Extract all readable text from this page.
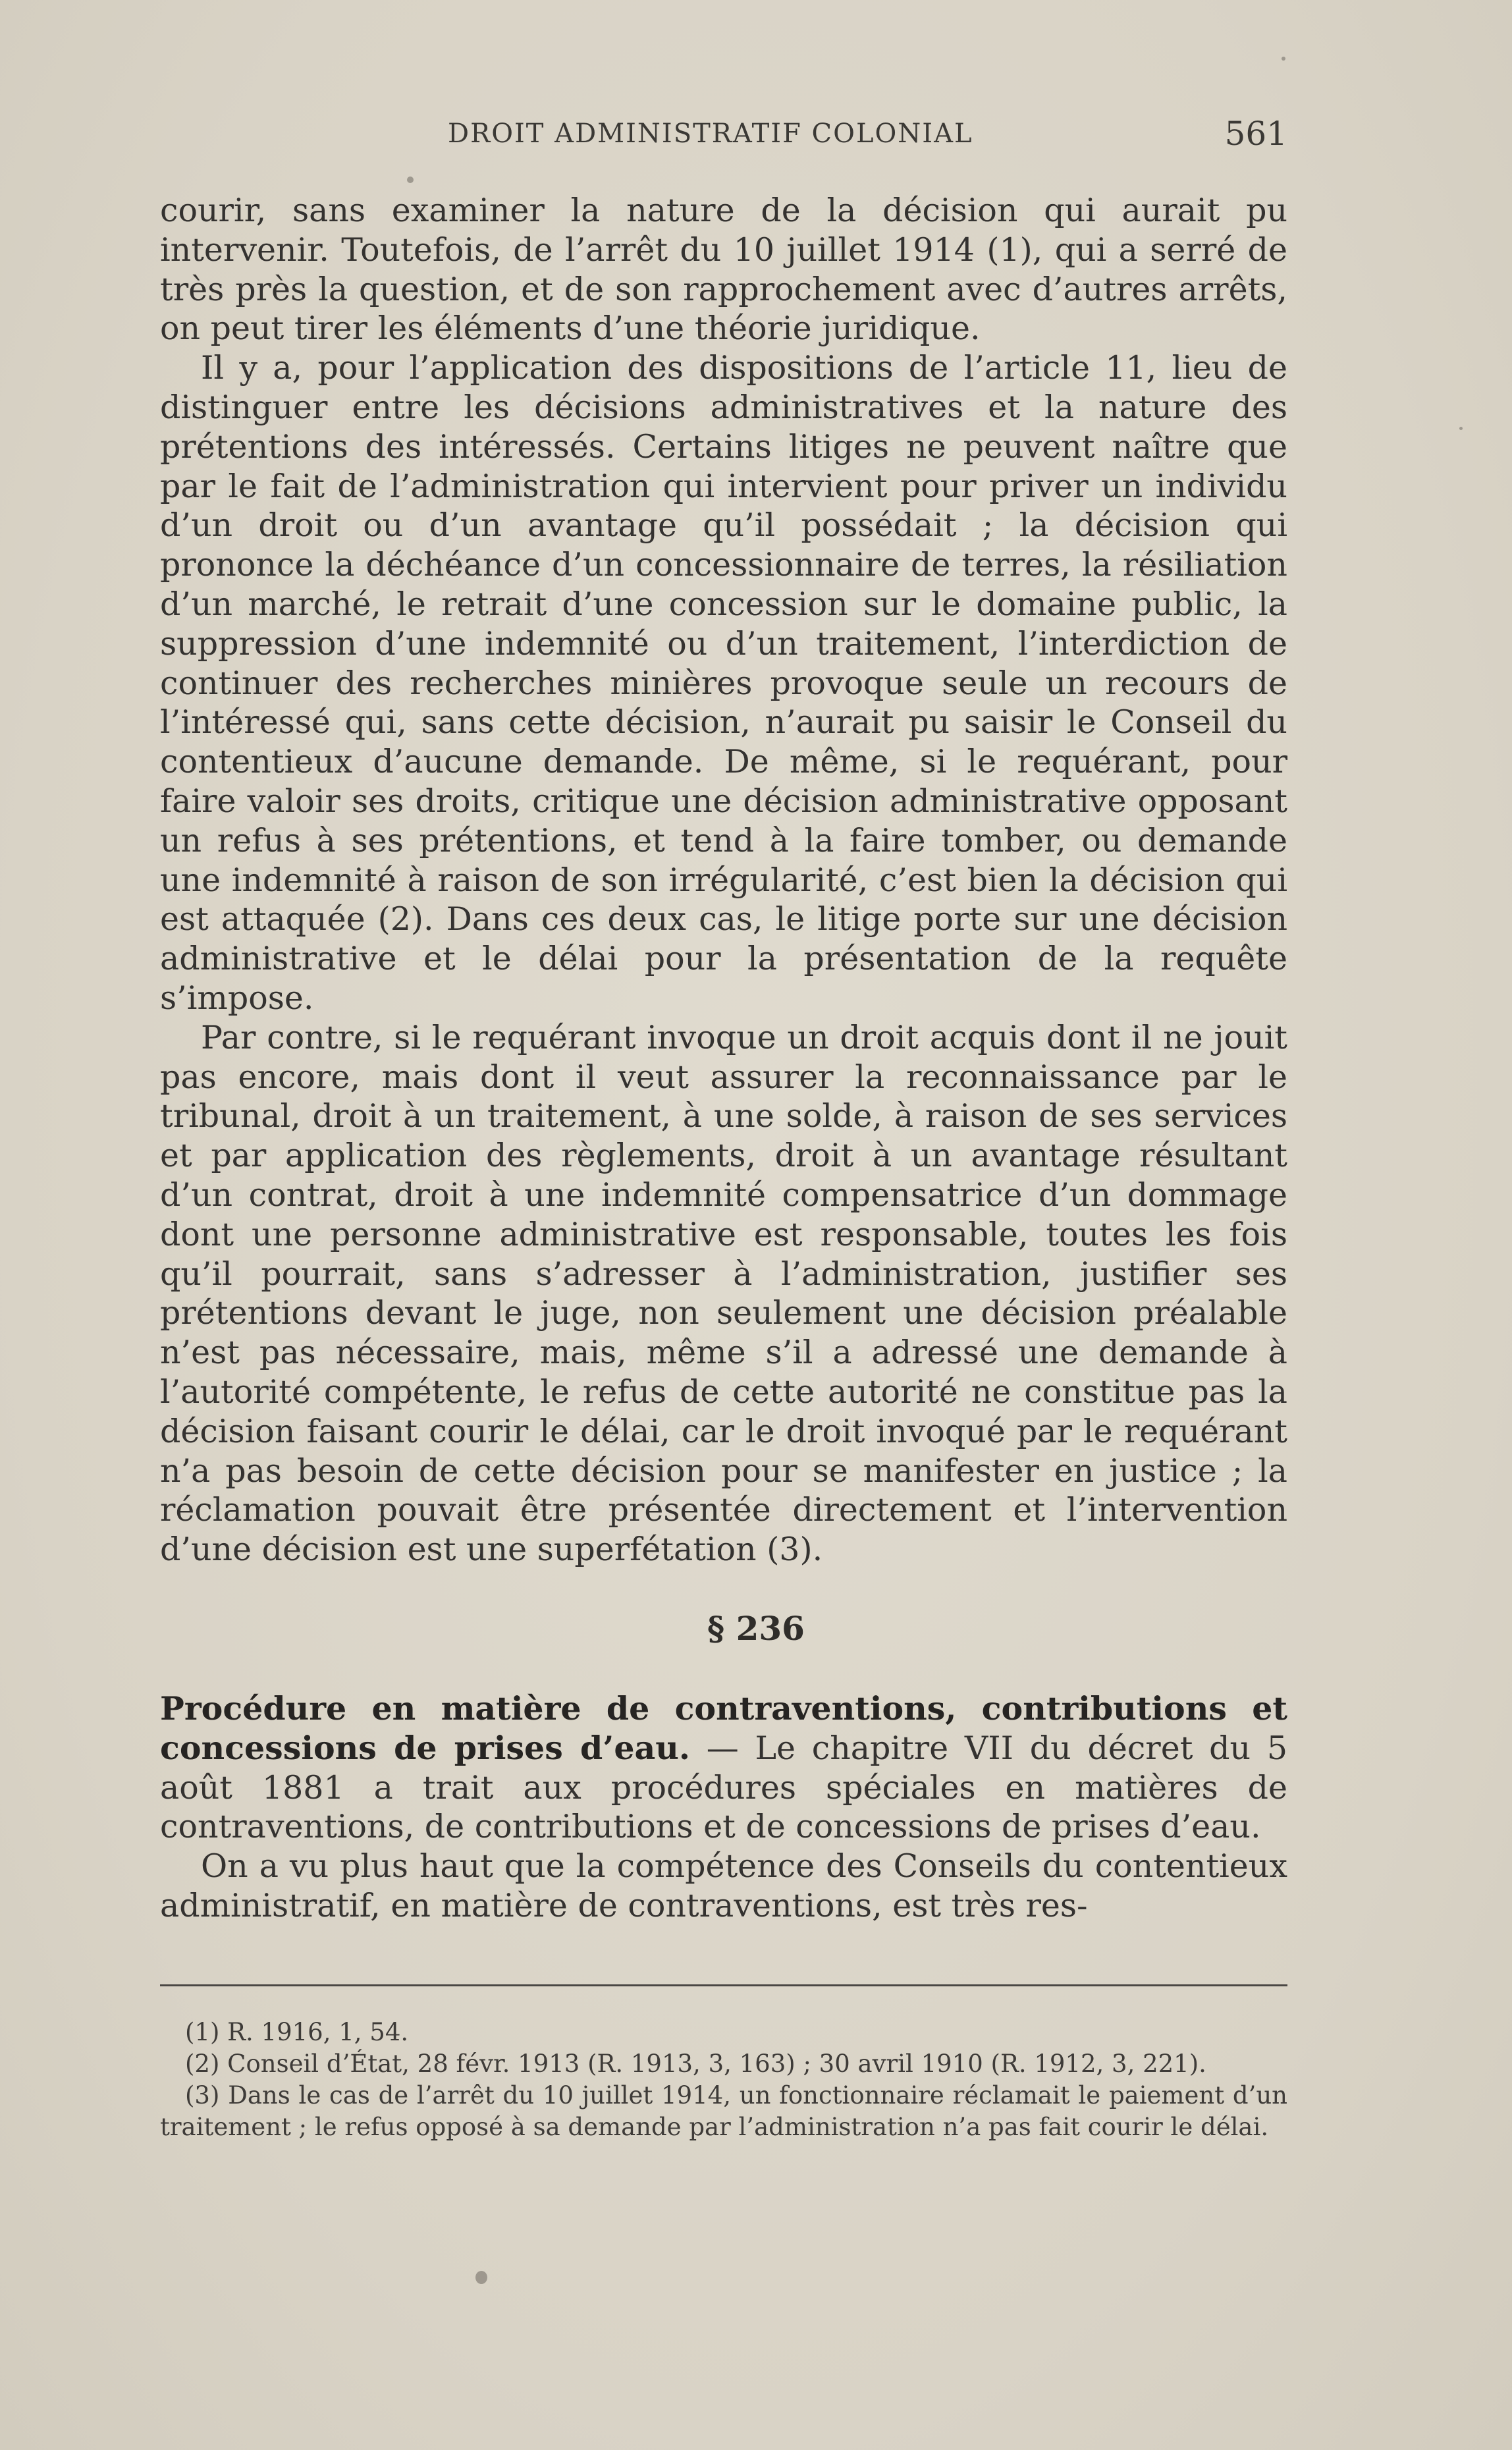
DROIT ADMINISTRATIF COLONIAL	561

courir, sans examiner la nature de la décision qui aurait pu intervenir. Toutefois, de l’arrêt du 10 juillet 1914 (1), qui a serré de très près la question, et de son rapprochement avec d’autres arrêts, on peut tirer les éléments d’une théorie juridique.

Il y a, pour l’application des dispositions de l’article 11, lieu de distinguer entre les décisions administratives et la nature des prétentions des intéressés. Certains litiges ne peuvent naître que par le fait de l’administration qui intervient pour priver un individu d’un droit ou d’un avantage qu’il possédait ; la décision qui prononce la déchéance d’un concessionnaire de terres, la résiliation d’un marché, le retrait d’une concession sur le domaine public, la suppression d’une indemnité ou d’un traitement, l’interdiction de continuer des recherches minières provoque seule un recours de l’intéressé qui, sans cette décision, n’aurait pu saisir le Conseil du contentieux d’aucune demande. De même, si le requérant, pour faire valoir ses droits, critique une décision administrative opposant un refus à ses prétentions, et tend à la faire tomber, ou demande une indemnité à raison de son irrégularité, c’est bien la décision qui est attaquée (2). Dans ces deux cas, le litige porte sur une décision administrative et le délai pour la présentation de la requête s’impose.

Par contre, si le requérant invoque un droit acquis dont il ne jouit pas encore, mais dont il veut assurer la reconnaissance par le tribunal, droit à un traitement, à une solde, à raison de ses services et par application des règlements, droit à un avantage résultant d’un contrat, droit à une indemnité compensatrice d’un dommage dont une personne administrative est responsable, toutes les fois qu’il pourrait, sans s’adresser à l’administration, justifier ses prétentions devant le juge, non seulement une décision préalable n’est pas nécessaire, mais, même s’il a adressé une demande à l’autorité compétente, le refus de cette autorité ne constitue pas la décision faisant courir le délai, car le droit invoqué par le requérant n’a pas besoin de cette décision pour se manifester en justice ; la réclamation pouvait être présentée directement et l’intervention d’une décision est une superfétation (3).

§ 236

Procédure en matière de contraventions, contributions et concessions de prises d’eau. — Le chapitre VII du décret du 5 août 1881 a trait aux procédures spéciales en matières de contraventions, de contributions et de concessions de prises d’eau.

On a vu plus haut que la compétence des Conseils du contentieux administratif, en matière de contraventions, est très res-

(1) R. 1916, 1, 54.

(2) Conseil d’État, 28 févr. 1913 (R. 1913, 3, 163) ; 30 avril 1910 (R. 1912, 3, 221).

(3) Dans le cas de l’arrêt du 10 juillet 1914, un fonctionnaire réclamait le paiement d’un traitement ; le refus opposé à sa demande par l’administration n’a pas fait courir le délai.
